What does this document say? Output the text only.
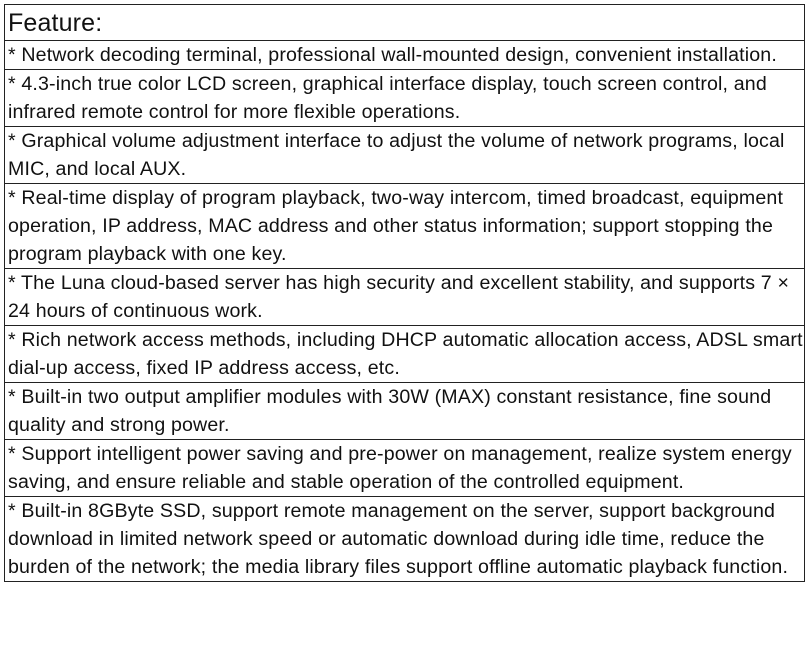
Feature:
* Network decoding terminal, professional wall-mounted design, convenient installation.
* 4.3-inch true color LCD screen, graphical interface display, touch screen control, and infrared remote control for more flexible operations.
* Graphical volume adjustment interface to adjust the volume of network programs, local MIC, and local AUX.
* Real-time display of program playback, two-way intercom, timed broadcast, equipment operation, IP address, MAC address and other status information; support stopping the program playback with one key.
* The Luna cloud-based server has high security and excellent stability, and supports 7 × 24 hours of continuous work.
* Rich network access methods, including DHCP automatic allocation access, ADSL smart dial-up access, fixed IP address access, etc.
* Built-in two output amplifier modules with 30W (MAX) constant resistance, fine sound quality and strong power.
* Support intelligent power saving and pre-power on management, realize system energy saving, and ensure reliable and stable operation of the controlled equipment.
* Built-in 8GByte SSD, support remote management on the server, support background download in limited network speed or automatic download during idle time, reduce the burden of the network; the media library files support offline automatic playback function.
